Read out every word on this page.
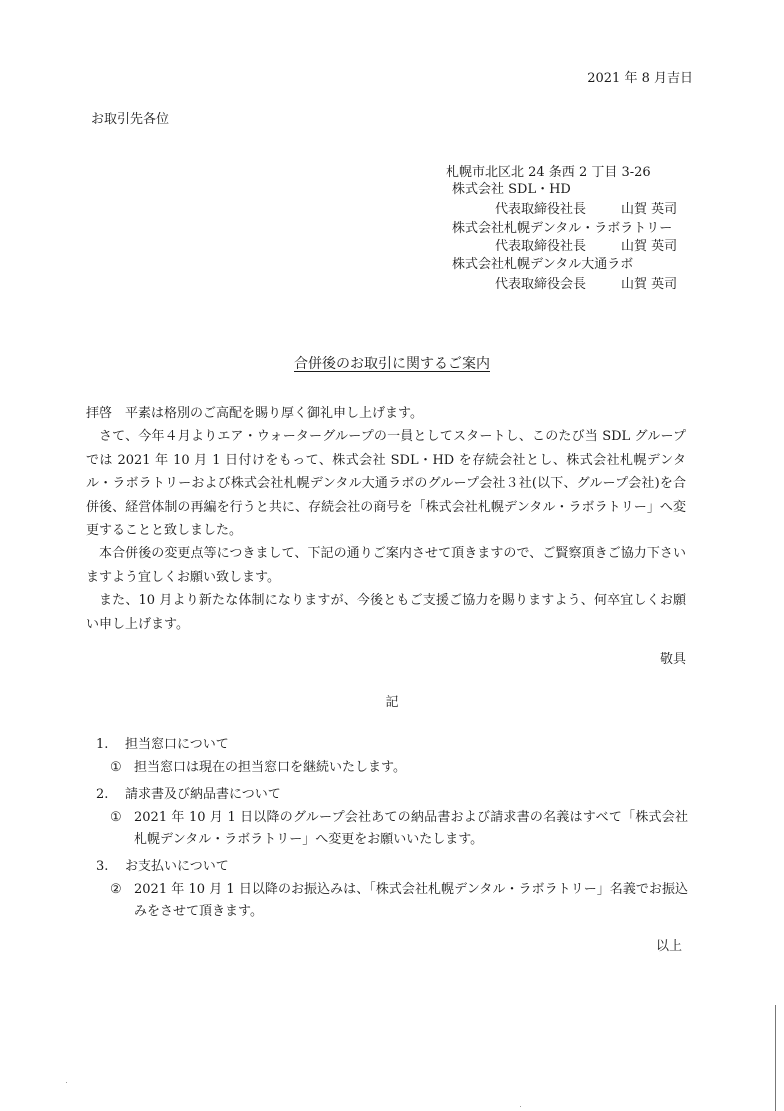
2021 年 8 月吉日
お取引先各位
札幌市北区北 24 条西 2 丁目 3-26
株式会社 SDL・HD
代表取締役社長	山賀 英司
株式会社札幌デンタル・ラボラトリー
代表取締役社長	山賀 英司
株式会社札幌デンタル大通ラボ
代表取締役会長	山賀 英司
合併後のお取引に関するご案内

拝啓　平素は格別のご高配を賜り厚く御礼申し上げます。

さて、今年４月よりエア・ウォーターグループの一員としてスタートし、このたび当 SDL グループでは 2021 年 10 月 1 日付けをもって、株式会社 SDL・HD を存続会社とし、株式会社札幌デンタル・ラボラトリーおよび株式会社札幌デンタル大通ラボのグループ会社３社(以下、グループ会社)を合併後、経営体制の再編を行うと共に、存続会社の商号を「株式会社札幌デンタル・ラボラトリー」へ変更することと致しました。

本合併後の変更点等につきまして、下記の通りご案内させて頂きますので、ご賢察頂きご協力下さいますよう宜しくお願い致します。

また、10 月より新たな体制になりますが、今後ともご支援ご協力を賜りますよう、何卒宜しくお願い申し上げます。

敬具
記
1. 担当窓口について
① 担当窓口は現在の担当窓口を継続いたします。
2. 請求書及び納品書について
① 2021 年 10 月 1 日以降のグループ会社あての納品書および請求書の名義はすべて「株式会社札幌デンタル・ラボラトリー」へ変更をお願いいたします。
3. お支払いについて
② 2021 年 10 月 1 日以降のお振込みは、「株式会社札幌デンタル・ラボラトリー」名義でお振込みをさせて頂きます。
以上
